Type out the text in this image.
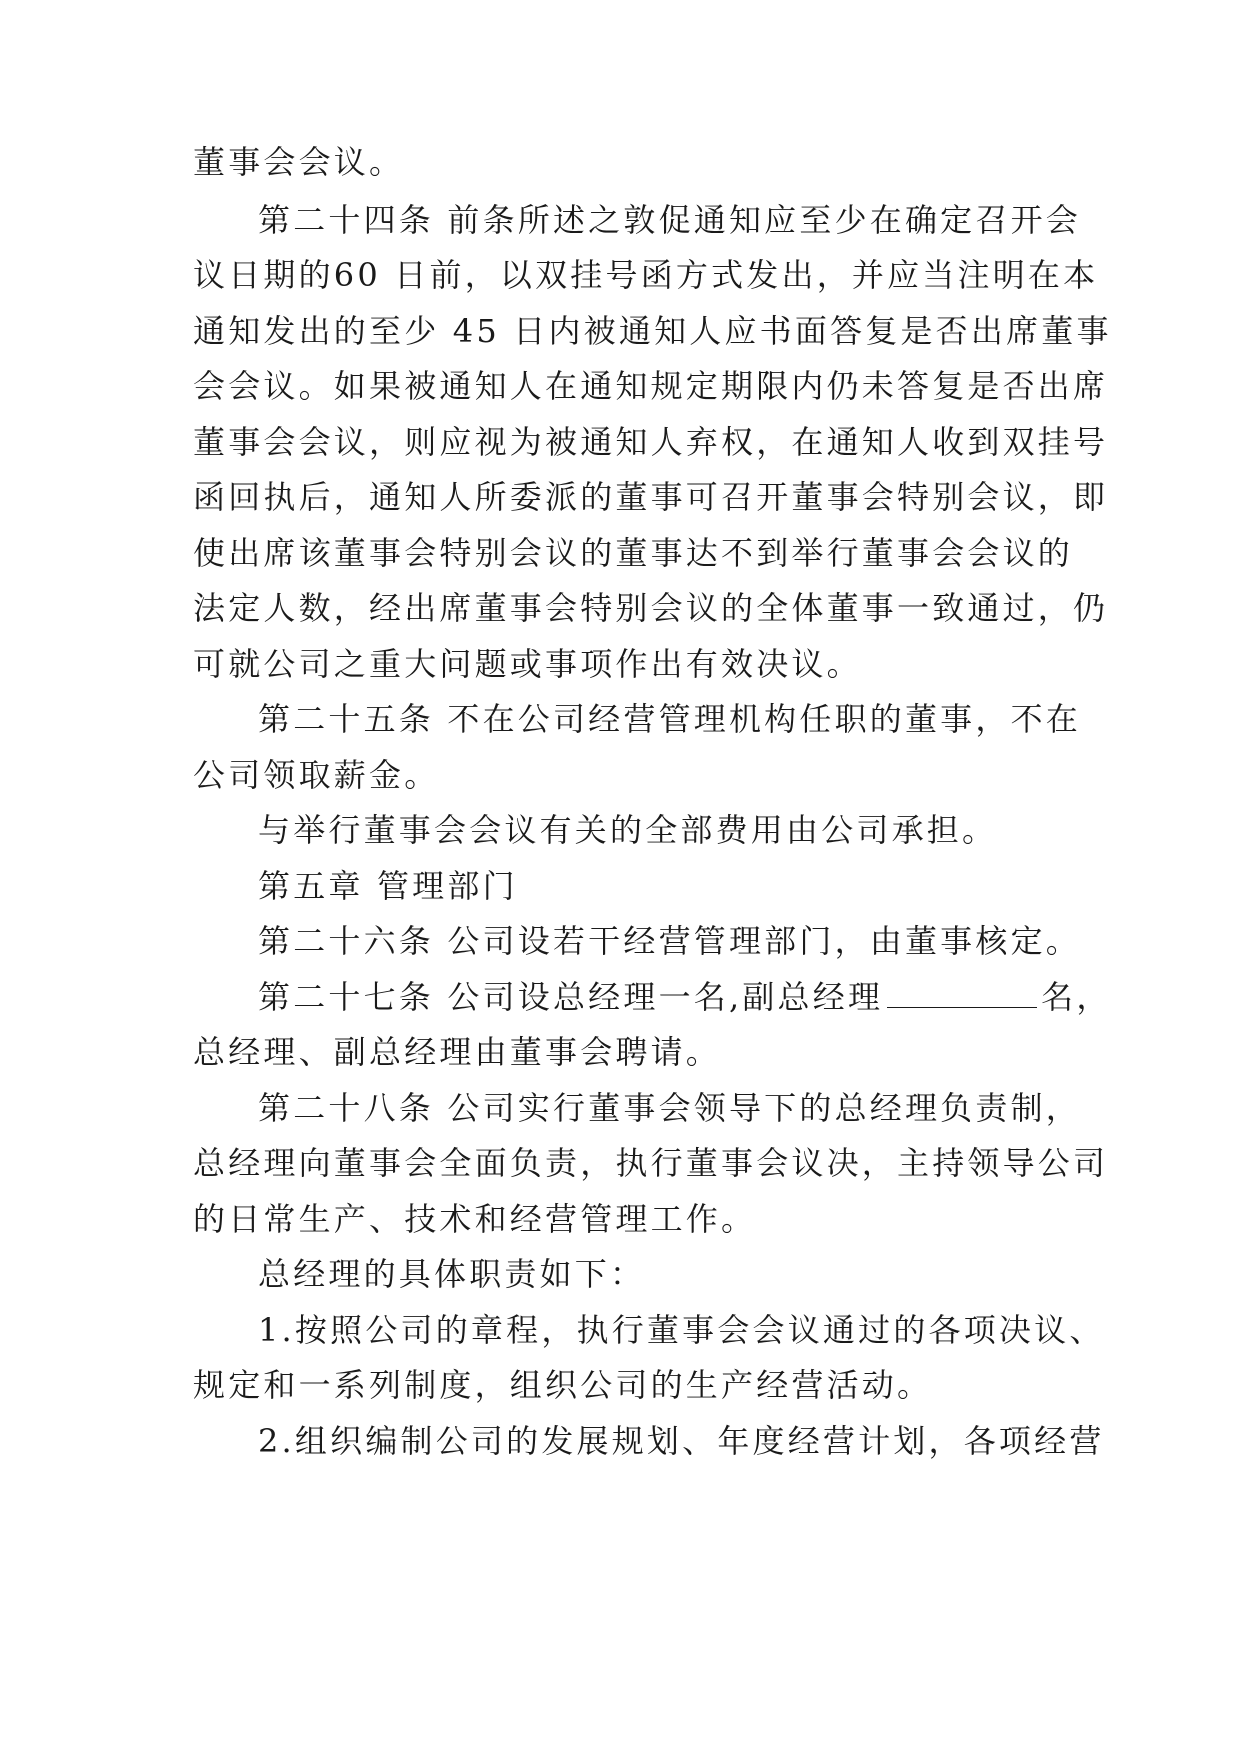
董事会会议。
第二十四条 前条所述之敦促通知应至少在确定召开会
议日期的60 日前，以双挂号函方式发出，并应当注明在本
通知发出的至少 45 日内被通知人应书面答复是否出席董事
会会议。如果被通知人在通知规定期限内仍未答复是否出席
董事会会议，则应视为被通知人弃权，在通知人收到双挂号
函回执后，通知人所委派的董事可召开董事会特别会议，即
使出席该董事会特别会议的董事达不到举行董事会会议的
法定人数，经出席董事会特别会议的全体董事一致通过，仍
可就公司之重大问题或事项作出有效决议。
第二十五条 不在公司经营管理机构任职的董事，不在
公司领取薪金。
与举行董事会会议有关的全部费用由公司承担。
第五章 管理部门
第二十六条 公司设若干经营管理部门，由董事核定。
第二十七条 公司设总经理一名,副总经理	名，
总经理、副总经理由董事会聘请。
第二十八条 公司实行董事会领导下的总经理负责制，
总经理向董事会全面负责，执行董事会议决，主持领导公司
的日常生产、技术和经营管理工作。
总经理的具体职责如下：
1.按照公司的章程，执行董事会会议通过的各项决议、
规定和一系列制度，组织公司的生产经营活动。
2.组织编制公司的发展规划、年度经营计划，各项经营
